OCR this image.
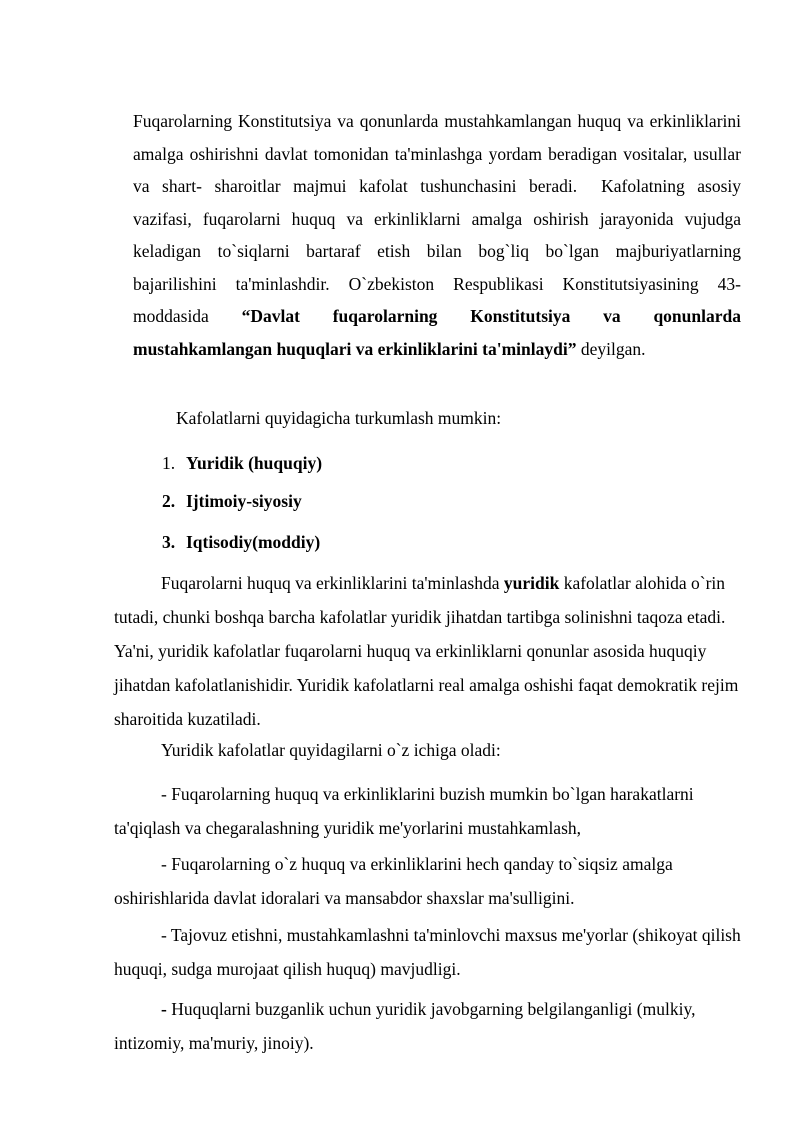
Fuqarolarning Konstitutsiya va qonunlarda mustahkamlangan huquq va erkinliklarini amalga oshirishni davlat tomonidan ta'minlashga yordam beradigan vositalar, usullar va shart- sharoitlar majmui kafolat tushunchasini beradi. Kafolatning asosiy vazifasi, fuqarolarni huquq va erkinliklarni amalga oshirish jarayonida vujudga keladigan to`siqlarni bartaraf etish bilan bog`liq bo`lgan majburiyatlarning bajarilishini ta'minlashdir. O`zbekiston Respublikasi Konstitutsiyasining 43- moddasida “Davlat fuqarolarning Konstitutsiya va qonunlarda mustahkamlangan huquqlari va erkinliklarini ta'minlaydi” deyilgan.

Kafolatlarni quyidagicha turkumlash mumkin:

1. Yuridik (huquqiy)
2. Ijtimoiy-siyosiy
3. Iqtisodiy(moddiy)

Fuqarolarni huquq va erkinliklarini ta'minlashda yuridik kafolatlar alohida o`rin tutadi, chunki boshqa barcha kafolatlar yuridik jihatdan tartibga solinishni taqoza etadi. Ya'ni, yuridik kafolatlar fuqarolarni huquq va erkinliklarni qonunlar asosida huquqiy jihatdan kafolatlanishidir. Yuridik kafolatlarni real amalga oshishi faqat demokratik rejim sharoitida kuzatiladi.

Yuridik kafolatlar quyidagilarni o`z ichiga oladi:

- Fuqarolarning huquq va erkinliklarini buzish mumkin bo`lgan harakatlarni ta'qiqlash va chegaralashning yuridik me'yorlarini mustahkamlash,

- Fuqarolarning o`z huquq va erkinliklarini hech qanday to`siqsiz amalga oshirishlarida davlat idoralari va mansabdor shaxslar ma'sulligini.

- Tajovuz etishni, mustahkamlashni ta'minlovchi maxsus me'yorlar (shikoyat qilish huquqi, sudga murojaat qilish huquq) mavjudligi.

- Huquqlarni buzganlik uchun yuridik javobgarning belgilanganligi (mulkiy, intizomiy, ma'muriy, jinoiy).
